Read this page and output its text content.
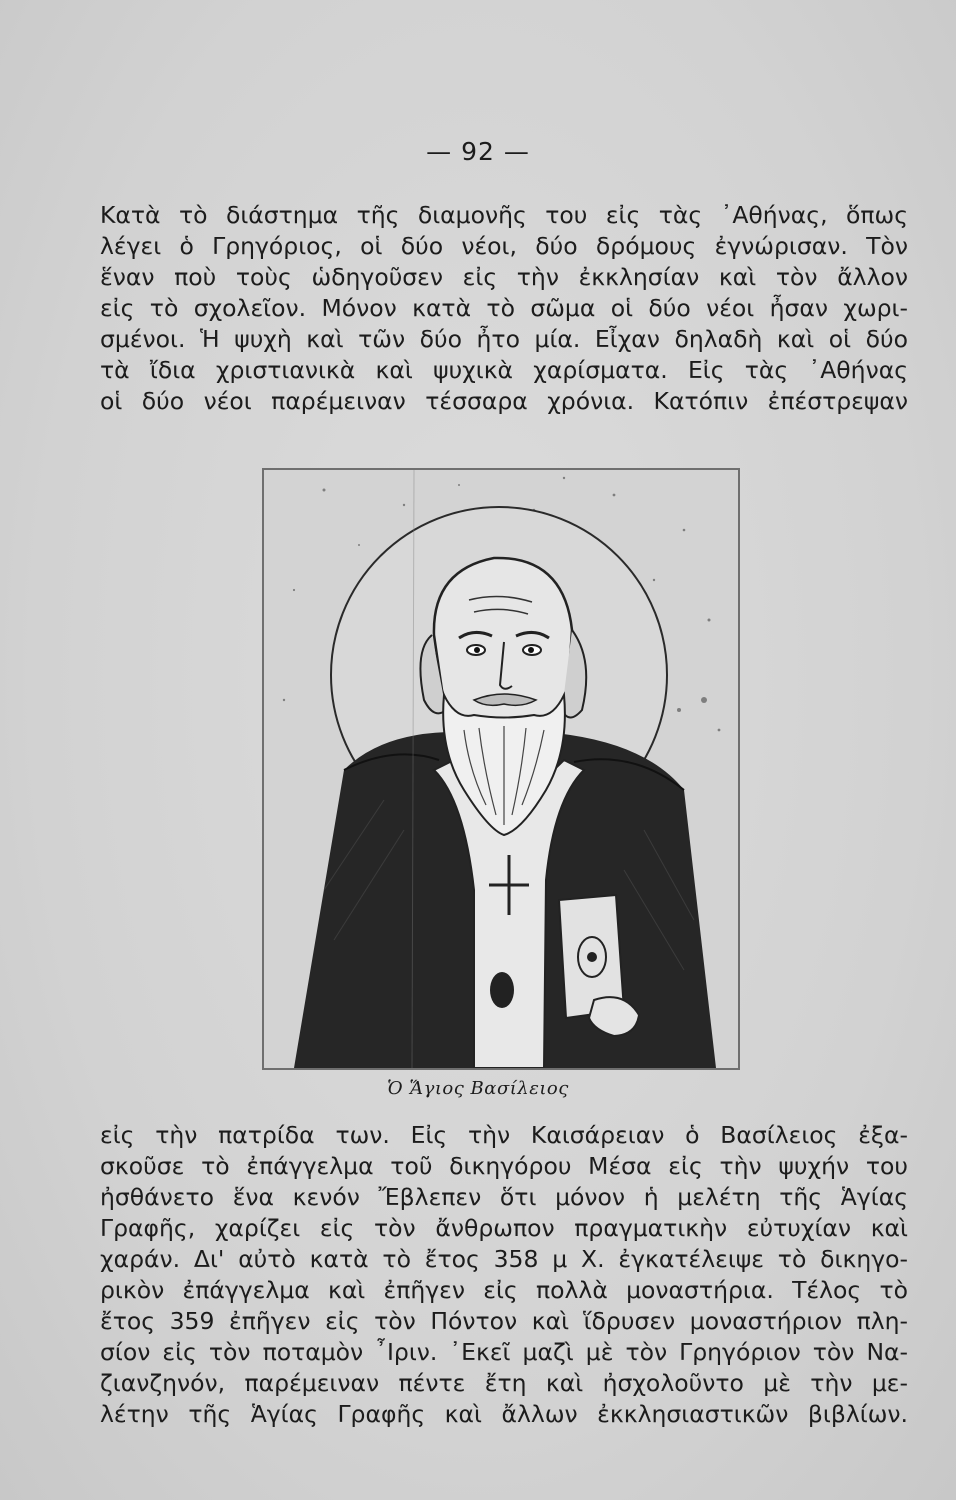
— 92 —
Κατὰ τὸ διάστημα τῆς διαμονῆς του εἰς τὰς ᾿Αθήνας, ὅπως
λέγει ὁ Γρηγόριος, οἱ δύο νέοι, δύο δρόμους ἐγνώρισαν. Τὸν
ἕναν ποὺ τοὺς ὡδηγοῦσεν εἰς τὴν ἐκκλησίαν καὶ τὸν ἄλλον
εἰς τὸ σχολεῖον. Μόνον κατὰ τὸ σῶμα οἱ δύο νέοι ἦσαν χωρι-
σμένοι. Ἡ ψυχὴ καὶ τῶν δύο ἦτο μία. Εἶχαν δηλαδὴ καὶ οἱ δύο
τὰ ἴδια χριστιανικὰ καὶ ψυχικὰ χαρίσματα. Εἰς τὰς ᾿Αθήνας
οἱ δύο νέοι παρέμειναν τέσσαρα χρόνια. Κατόπιν ἐπέστρεψαν
Ὁ Ἅγιος Βασίλειος
εἰς τὴν πατρίδα των. Εἰς τὴν Καισάρειαν ὁ Βασίλειος ἐξα-
σκοῦσε τὸ ἐπάγγελμα τοῦ δικηγόρου Μέσα εἰς τὴν ψυχήν του
ἠσθάνετο ἕνα κενόν Ἔβλεπεν ὅτι μόνον ἡ μελέτη τῆς Ἁγίας
Γραφῆς, χαρίζει εἰς τὸν ἄνθρωπον πραγματικὴν εὐτυχίαν καὶ
χαράν. Δι' αὐτὸ κατὰ τὸ ἔτος 358 μ Χ. ἐγκατέλειψε τὸ δικηγο-
ρικὸν ἐπάγγελμα καὶ ἐπῆγεν εἰς πολλὰ μοναστήρια. Τέλος τὸ
ἔτος 359 ἐπῆγεν εἰς τὸν Πόντον καὶ ἵδρυσεν μοναστήριον πλη-
σίον εἰς τὸν ποταμὸν ῏Ιριν. ᾿Εκεῖ μαζὶ μὲ τὸν Γρηγόριον τὸν Να-
ζιανζηνόν, παρέμειναν πέντε ἔτη καὶ ἠσχολοῦντο μὲ τὴν με-
λέτην τῆς Ἁγίας Γραφῆς καὶ ἄλλων ἐκκλησιαστικῶν βιβλίων.
